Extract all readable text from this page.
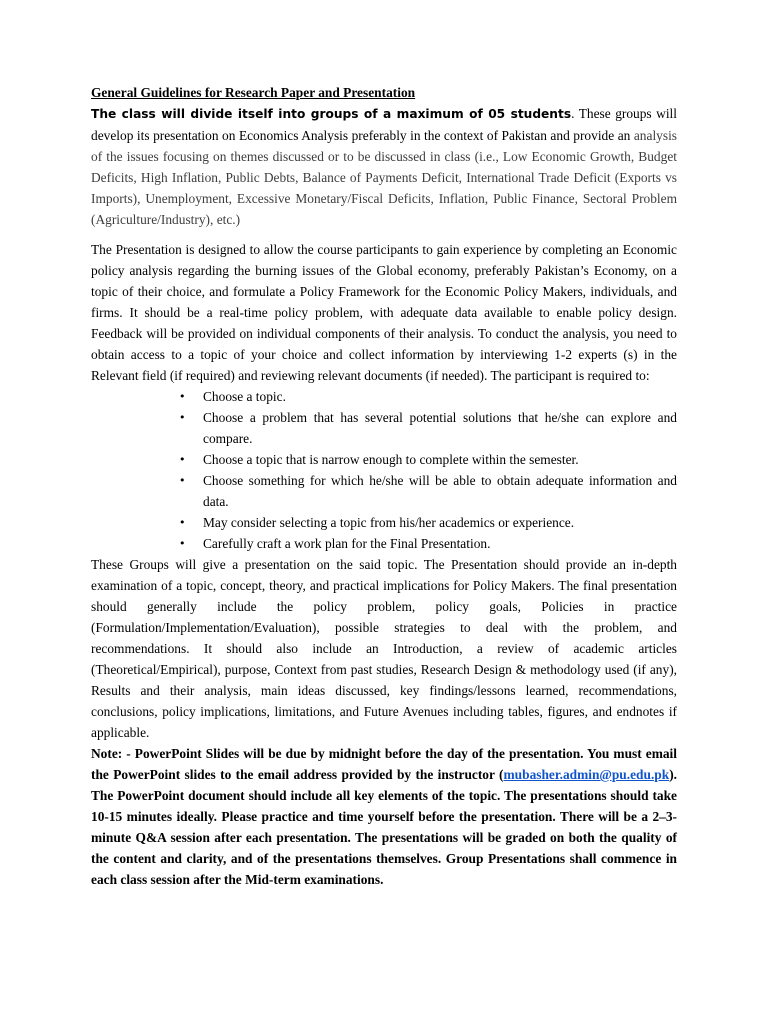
General Guidelines for Research Paper and Presentation

The class will divide itself into groups of a maximum of 05 students. These groups will develop its presentation on Economics Analysis preferably in the context of Pakistan and provide an analysis of the issues focusing on themes discussed or to be discussed in class (i.e., Low Economic Growth, Budget Deficits, High Inflation, Public Debts, Balance of Payments Deficit, International Trade Deficit (Exports vs Imports), Unemployment, Excessive Monetary/Fiscal Deficits, Inflation, Public Finance, Sectoral Problem (Agriculture/Industry), etc.)

The Presentation is designed to allow the course participants to gain experience by completing an Economic policy analysis regarding the burning issues of the Global economy, preferably Pakistan’s Economy, on a topic of their choice, and formulate a Policy Framework for the Economic Policy Makers, individuals, and firms. It should be a real-time policy problem, with adequate data available to enable policy design. Feedback will be provided on individual components of their analysis. To conduct the analysis, you need to obtain access to a topic of your choice and collect information by interviewing 1-2 experts (s) in the Relevant field (if required) and reviewing relevant documents (if needed). The participant is required to:

• Choose a topic.
• Choose a problem that has several potential solutions that he/she can explore and compare.
• Choose a topic that is narrow enough to complete within the semester.
• Choose something for which he/she will be able to obtain adequate information and data.
• May consider selecting a topic from his/her academics or experience.
• Carefully craft a work plan for the Final Presentation.

These Groups will give a presentation on the said topic. The Presentation should provide an in-depth examination of a topic, concept, theory, and practical implications for Policy Makers. The final presentation should generally include the policy problem, policy goals, Policies in practice (Formulation/Implementation/Evaluation), possible strategies to deal with the problem, and recommendations. It should also include an Introduction, a review of academic articles (Theoretical/Empirical), purpose, Context from past studies, Research Design & methodology used (if any), Results and their analysis, main ideas discussed, key findings/lessons learned, recommendations, conclusions, policy implications, limitations, and Future Avenues including tables, figures, and endnotes if applicable.

Note: - PowerPoint Slides will be due by midnight before the day of the presentation. You must email the PowerPoint slides to the email address provided by the instructor (mubasher.admin@pu.edu.pk). The PowerPoint document should include all key elements of the topic. The presentations should take 10-15 minutes ideally. Please practice and time yourself before the presentation. There will be a 2–3-minute Q&A session after each presentation. The presentations will be graded on both the quality of the content and clarity, and of the presentations themselves. Group Presentations shall commence in each class session after the Mid-term examinations.
